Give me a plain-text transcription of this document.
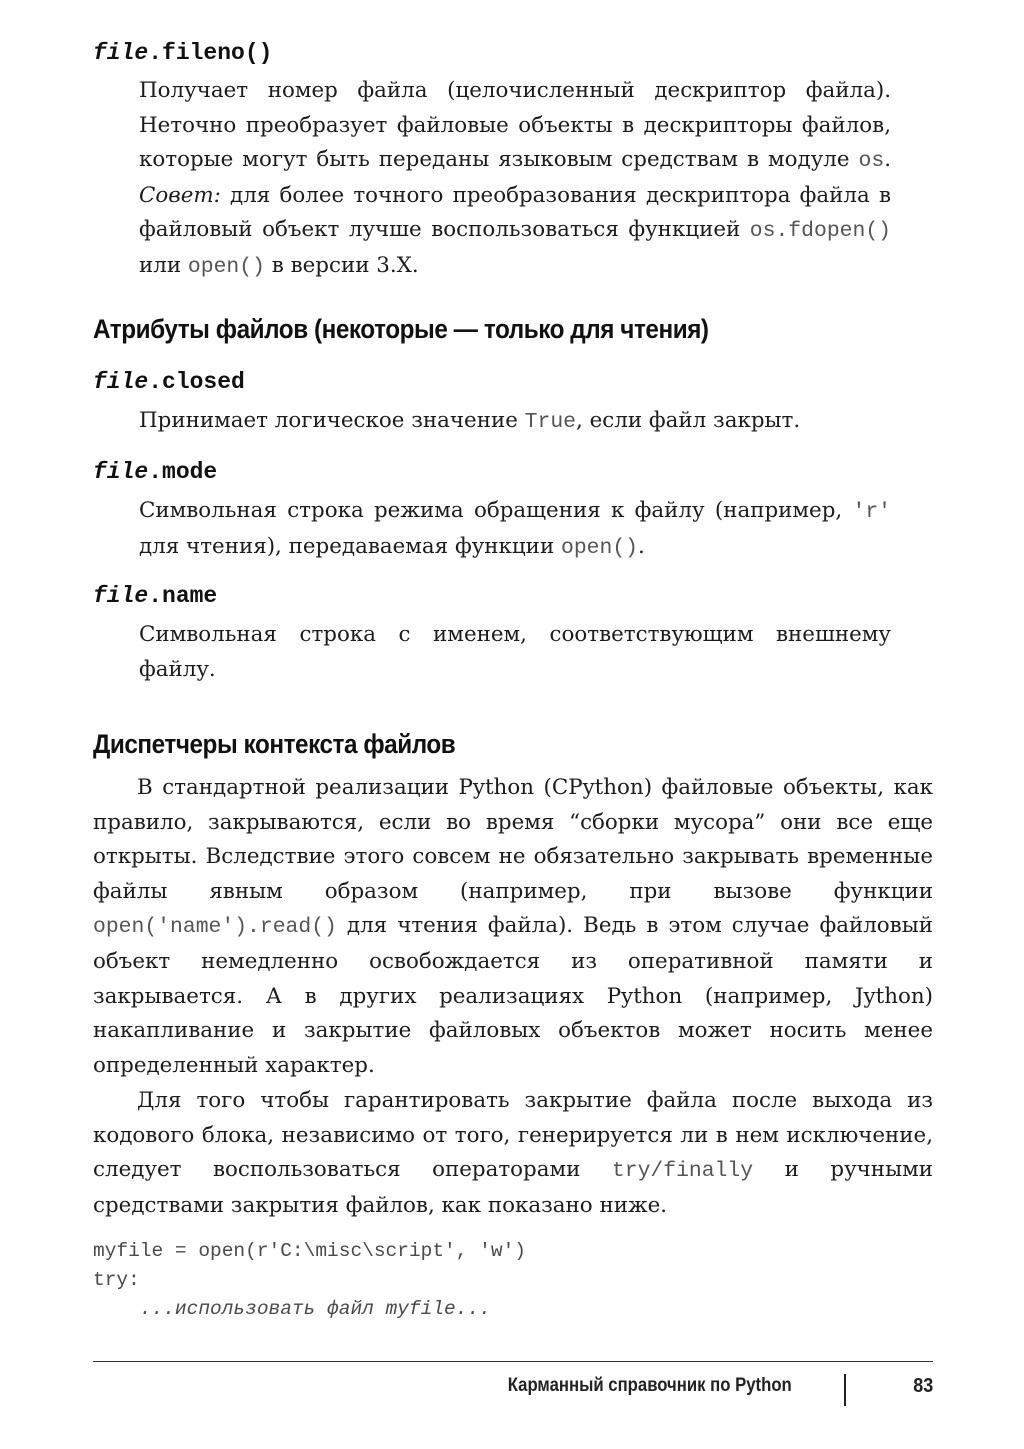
file.fileno()

Получает номер файла (целочисленный дескриптор файла). Неточно преобразует файловые объекты в дескрипторы файлов, которые могут быть переданы языковым средствам в модуле os. Совет: для более точного преобразования дескриптора файла в файловый объект лучше воспользоваться функцией os.fdopen() или open() в версии 3.X.

Атрибуты файлов (некоторые — только для чтения)
file.closed

Принимает логическое значение True, если файл закрыт.

file.mode

Символьная строка режима обращения к файлу (например, 'r' для чтения), передаваемая функции open().

file.name

Символьная строка с именем, соответствующим внешнему файлу.

Диспетчеры контекста файлов

В стандартной реализации Python (CPython) файловые объекты, как правило, закрываются, если во время “сборки мусора” они все еще открыты. Вследствие этого совсем не обязательно закрывать временные файлы явным образом (например, при вызове функции open('name').read() для чтения файла). Ведь в этом случае файловый объект немедленно освобождается из оперативной памяти и закрывается. А в других реализациях Python (например, Jython) накапливание и закрытие файловых объектов может носить менее определенный характер.

Для того чтобы гарантировать закрытие файла после выхода из кодового блока, независимо от того, генерируется ли в нем исключение, следует воспользоваться операторами try/finally и ручными средствами закрытия файлов, как показано ниже.

myfile = open(r'C:\misc\script', 'w')
try:
...использовать файл myfile...
Карманный справочник по Python	83
